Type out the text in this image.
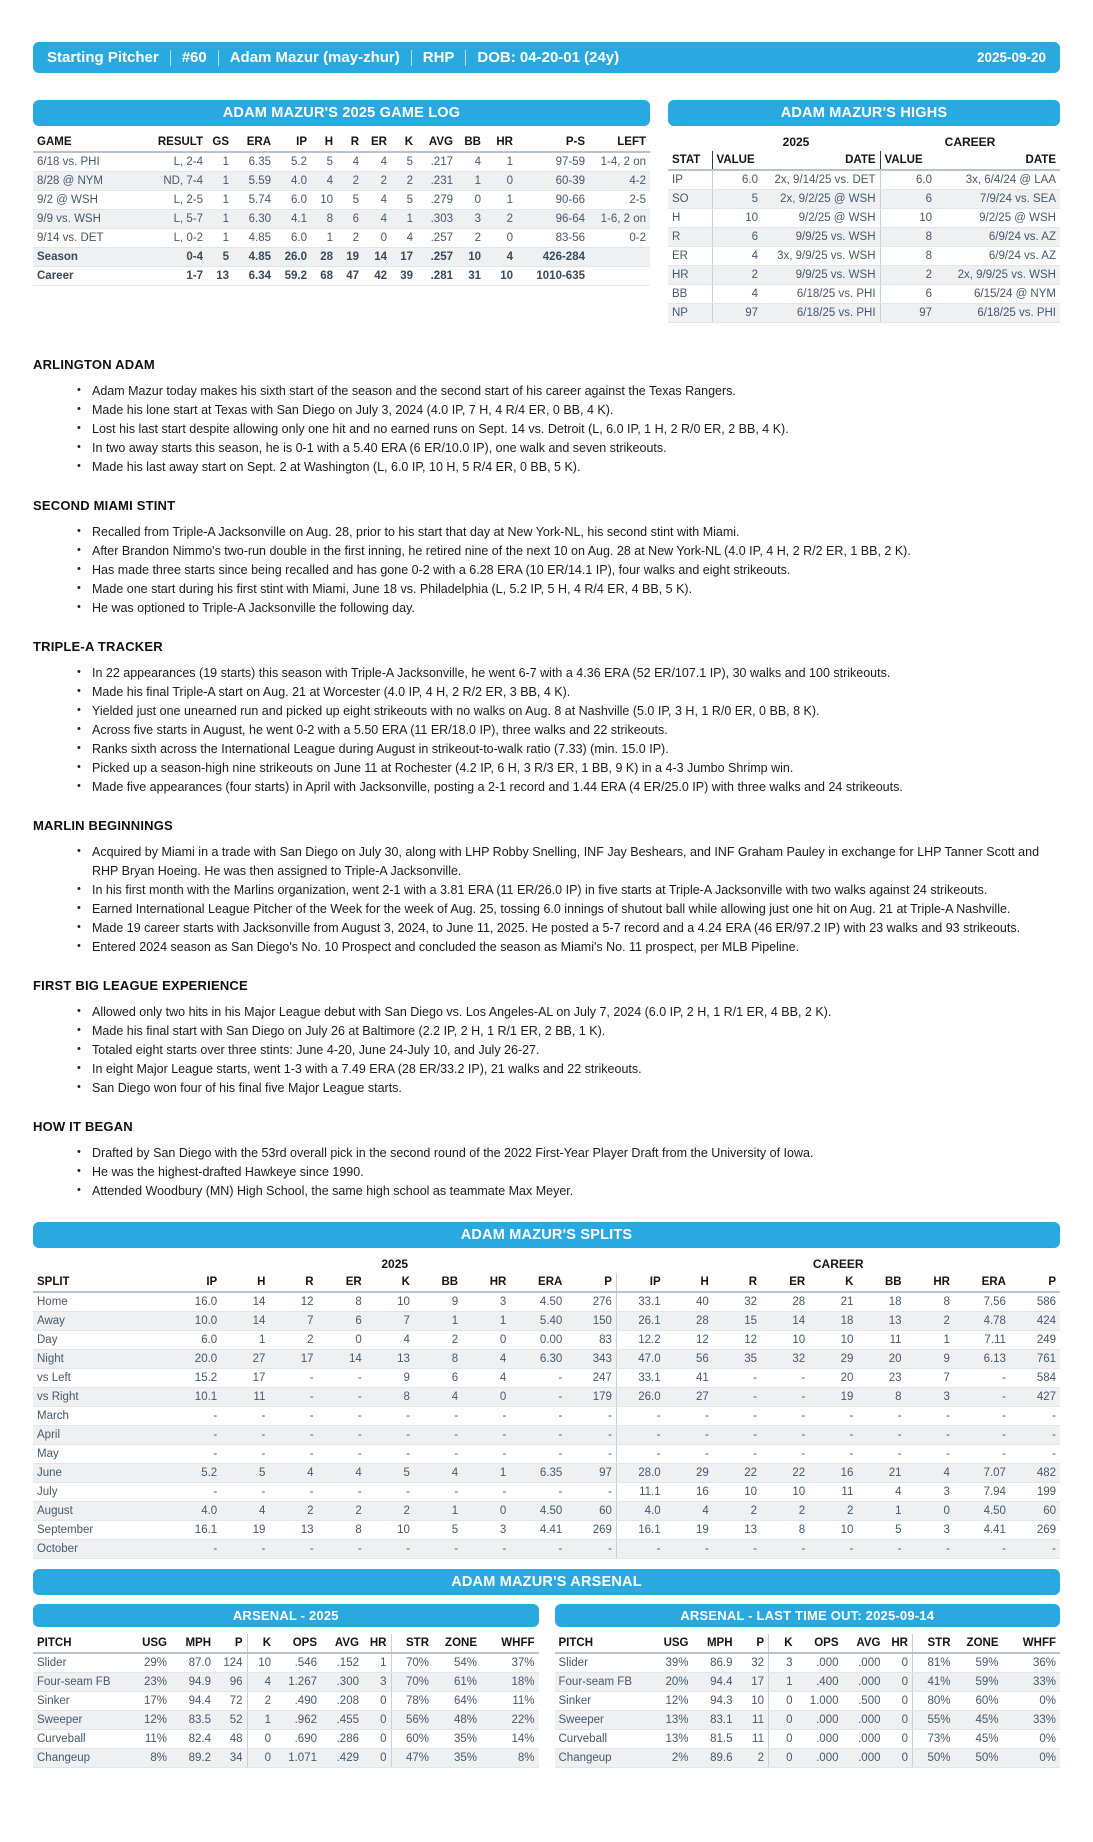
Starting Pitcher #60 Adam Mazur (may-zhur) RHP DOB: 04-20-01 (24y)	2025-09-20
ADAM MAZUR'S 2025 GAME LOG
GAME	RESULT	GS	ERA	IP	H	R	ER	K	AVG	BB	HR	P-S	LEFT
6/18 vs. PHI	L, 2-4	1	6.35	5.2	5	4	4	5	.217	4	1	97-59	1-4, 2 on
8/28 @ NYM	ND, 7-4	1	5.59	4.0	4	2	2	2	.231	1	0	60-39	4-2
9/2 @ WSH	L, 2-5	1	5.74	6.0	10	5	4	5	.279	0	1	90-66	2-5
9/9 vs. WSH	L, 5-7	1	6.30	4.1	8	6	4	1	.303	3	2	96-64	1-6, 2 on
9/14 vs. DET	L, 0-2	1	4.85	6.0	1	2	0	4	.257	2	0	83-56	0-2
Season	0-4	5	4.85	26.0	28	19	14	17	.257	10	4	426-284	
Career	1-7	13	6.34	59.2	68	47	42	39	.281	31	10	1010-635	
ADAM MAZUR'S HIGHS
	2025		CAREER	
STAT	VALUE	DATE	VALUE	DATE
IP	6.0	2x, 9/14/25 vs. DET	6.0	3x, 6/4/24 @ LAA
SO	5	2x, 9/2/25 @ WSH	6	7/9/24 vs. SEA
H	10	9/2/25 @ WSH	10	9/2/25 @ WSH
R	6	9/9/25 vs. WSH	8	6/9/24 vs. AZ
ER	4	3x, 9/9/25 vs. WSH	8	6/9/24 vs. AZ
HR	2	9/9/25 vs. WSH	2	2x, 9/9/25 vs. WSH
BB	4	6/18/25 vs. PHI	6	6/15/24 @ NYM
NP	97	6/18/25 vs. PHI	97	6/18/25 vs. PHI
ARLINGTON ADAM
• Adam Mazur today makes his sixth start of the season and the second start of his career against the Texas Rangers.
• Made his lone start at Texas with San Diego on July 3, 2024 (4.0 IP, 7 H, 4 R/4 ER, 0 BB, 4 K).
• Lost his last start despite allowing only one hit and no earned runs on Sept. 14 vs. Detroit (L, 6.0 IP, 1 H, 2 R/0 ER, 2 BB, 4 K).
• In two away starts this season, he is 0-1 with a 5.40 ERA (6 ER/10.0 IP), one walk and seven strikeouts.
• Made his last away start on Sept. 2 at Washington (L, 6.0 IP, 10 H, 5 R/4 ER, 0 BB, 5 K).
SECOND MIAMI STINT
• Recalled from Triple-A Jacksonville on Aug. 28, prior to his start that day at New York-NL, his second stint with Miami.
• After Brandon Nimmo's two-run double in the first inning, he retired nine of the next 10 on Aug. 28 at New York-NL (4.0 IP, 4 H, 2 R/2 ER, 1 BB, 2 K).
• Has made three starts since being recalled and has gone 0-2 with a 6.28 ERA (10 ER/14.1 IP), four walks and eight strikeouts.
• Made one start during his first stint with Miami, June 18 vs. Philadelphia (L, 5.2 IP, 5 H, 4 R/4 ER, 4 BB, 5 K).
• He was optioned to Triple-A Jacksonville the following day.
TRIPLE-A TRACKER
• In 22 appearances (19 starts) this season with Triple-A Jacksonville, he went 6-7 with a 4.36 ERA (52 ER/107.1 IP), 30 walks and 100 strikeouts.
• Made his final Triple-A start on Aug. 21 at Worcester (4.0 IP, 4 H, 2 R/2 ER, 3 BB, 4 K).
• Yielded just one unearned run and picked up eight strikeouts with no walks on Aug. 8 at Nashville (5.0 IP, 3 H, 1 R/0 ER, 0 BB, 8 K).
• Across five starts in August, he went 0-2 with a 5.50 ERA (11 ER/18.0 IP), three walks and 22 strikeouts.
• Ranks sixth across the International League during August in strikeout-to-walk ratio (7.33) (min. 15.0 IP).
• Picked up a season-high nine strikeouts on June 11 at Rochester (4.2 IP, 6 H, 3 R/3 ER, 1 BB, 9 K) in a 4-3 Jumbo Shrimp win.
• Made five appearances (four starts) in April with Jacksonville, posting a 2-1 record and 1.44 ERA (4 ER/25.0 IP) with three walks and 24 strikeouts.
MARLIN BEGINNINGS
• Acquired by Miami in a trade with San Diego on July 30, along with LHP Robby Snelling, INF Jay Beshears, and INF Graham Pauley in exchange for LHP Tanner Scott and RHP Bryan Hoeing. He was then assigned to Triple-A Jacksonville.
• In his first month with the Marlins organization, went 2-1 with a 3.81 ERA (11 ER/26.0 IP) in five starts at Triple-A Jacksonville with two walks against 24 strikeouts.
• Earned International League Pitcher of the Week for the week of Aug. 25, tossing 6.0 innings of shutout ball while allowing just one hit on Aug. 21 at Triple-A Nashville.
• Made 19 career starts with Jacksonville from August 3, 2024, to June 11, 2025. He posted a 5-7 record and a 4.24 ERA (46 ER/97.2 IP) with 23 walks and 93 strikeouts.
• Entered 2024 season as San Diego's No. 10 Prospect and concluded the season as Miami's No. 11 prospect, per MLB Pipeline.
FIRST BIG LEAGUE EXPERIENCE
• Allowed only two hits in his Major League debut with San Diego vs. Los Angeles-AL on July 7, 2024 (6.0 IP, 2 H, 1 R/1 ER, 4 BB, 2 K).
• Made his final start with San Diego on July 26 at Baltimore (2.2 IP, 2 H, 1 R/1 ER, 2 BB, 1 K).
• Totaled eight starts over three stints: June 4-20, June 24-July 10, and July 26-27.
• In eight Major League starts, went 1-3 with a 7.49 ERA (28 ER/33.2 IP), 21 walks and 22 strikeouts.
• San Diego won four of his final five Major League starts.
HOW IT BEGAN
• Drafted by San Diego with the 53rd overall pick in the second round of the 2022 First-Year Player Draft from the University of Iowa.
• He was the highest-drafted Hawkeye since 1990.
• Attended Woodbury (MN) High School, the same high school as teammate Max Meyer.
ADAM MAZUR'S SPLITS
	2025									CAREER								
SPLIT	IP	H	R	ER	K	BB	HR	ERA	P	IP	H	R	ER	K	BB	HR	ERA	P
Home	16.0	14	12	8	10	9	3	4.50	276	33.1	40	32	28	21	18	8	7.56	586
Away	10.0	14	7	6	7	1	1	5.40	150	26.1	28	15	14	18	13	2	4.78	424
Day	6.0	1	2	0	4	2	0	0.00	83	12.2	12	12	10	10	11	1	7.11	249
Night	20.0	27	17	14	13	8	4	6.30	343	47.0	56	35	32	29	20	9	6.13	761
vs Left	15.2	17	-	-	9	6	4	-	247	33.1	41	-	-	20	23	7	-	584
vs Right	10.1	11	-	-	8	4	0	-	179	26.0	27	-	-	19	8	3	-	427
March	-	-	-	-	-	-	-	-	-	-	-	-	-	-	-	-	-	-
April	-	-	-	-	-	-	-	-	-	-	-	-	-	-	-	-	-	-
May	-	-	-	-	-	-	-	-	-	-	-	-	-	-	-	-	-	-
June	5.2	5	4	4	5	4	1	6.35	97	28.0	29	22	22	16	21	4	7.07	482
July	-	-	-	-	-	-	-	-	-	11.1	16	10	10	11	4	3	7.94	199
August	4.0	4	2	2	2	1	0	4.50	60	4.0	4	2	2	2	1	0	4.50	60
September	16.1	19	13	8	10	5	3	4.41	269	16.1	19	13	8	10	5	3	4.41	269
October	-	-	-	-	-	-	-	-	-	-	-	-	-	-	-	-	-	-
ADAM MAZUR'S ARSENAL
ARSENAL - 2025
PITCH	USG	MPH	P	K	OPS	AVG	HR	STR	ZONE	WHFF
Slider	29%	87.0	124	10	.546	.152	1	70%	54%	37%
Four-seam FB	23%	94.9	96	4	1.267	.300	3	70%	61%	18%
Sinker	17%	94.4	72	2	.490	.208	0	78%	64%	11%
Sweeper	12%	83.5	52	1	.962	.455	0	56%	48%	22%
Curveball	11%	82.4	48	0	.690	.286	0	60%	35%	14%
Changeup	8%	89.2	34	0	1.071	.429	0	47%	35%	8%
ARSENAL - LAST TIME OUT: 2025-09-14
PITCH	USG	MPH	P	K	OPS	AVG	HR	STR	ZONE	WHFF
Slider	39%	86.9	32	3	.000	.000	0	81%	59%	36%
Four-seam FB	20%	94.4	17	1	.400	.000	0	41%	59%	33%
Sinker	12%	94.3	10	0	1.000	.500	0	80%	60%	0%
Sweeper	13%	83.1	11	0	.000	.000	0	55%	45%	33%
Curveball	13%	81.5	11	0	.000	.000	0	73%	45%	0%
Changeup	2%	89.6	2	0	.000	.000	0	50%	50%	0%
